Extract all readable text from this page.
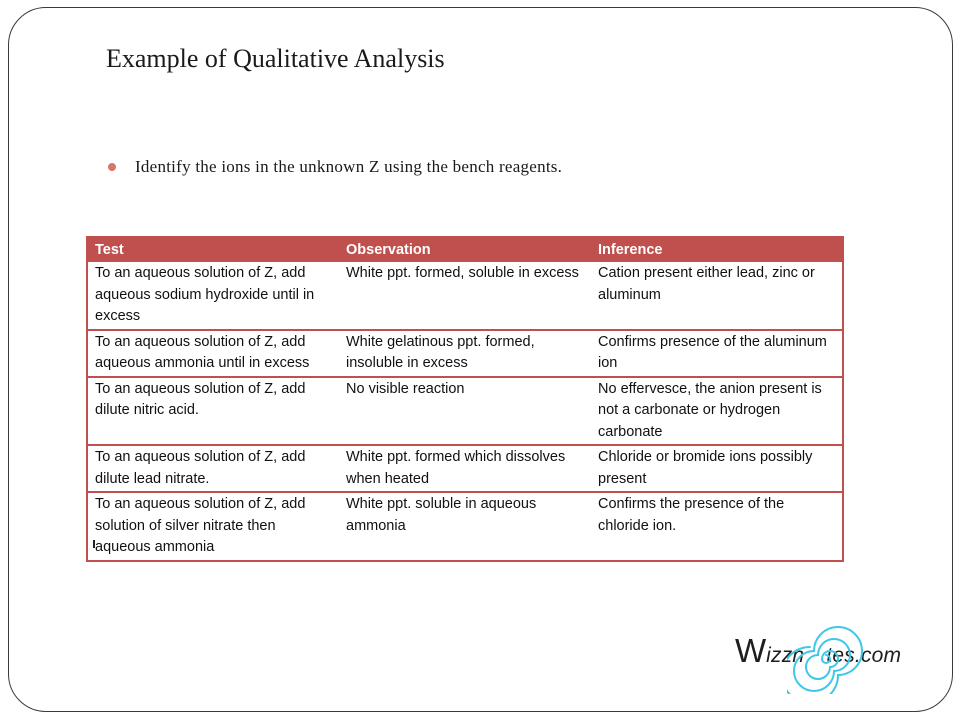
Example of Qualitative Analysis
Identify the ions in the unknown Z using the bench reagents.
Test	Observation	Inference
To an aqueous solution of Z, add aqueous sodium hydroxide until in excess	White ppt. formed, soluble in excess	Cation present either lead, zinc or aluminum
To an aqueous solution of Z, add aqueous ammonia until in excess	White gelatinous ppt. formed, insoluble in excess	Confirms presence of the aluminum ion
To an aqueous solution of Z, add dilute nitric acid.	No visible reaction	No effervesce, the anion present is not a carbonate or hydrogen carbonate
To an aqueous solution of Z, add dilute lead nitrate.	White ppt. formed which dissolves when heated	Chloride or bromide ions possibly present
To an aqueous solution of Z, add solution of silver nitrate then aqueous ammonia	White ppt. soluble in aqueous ammonia	Confirms the presence of the chloride ion.
Wizzn tes.com
